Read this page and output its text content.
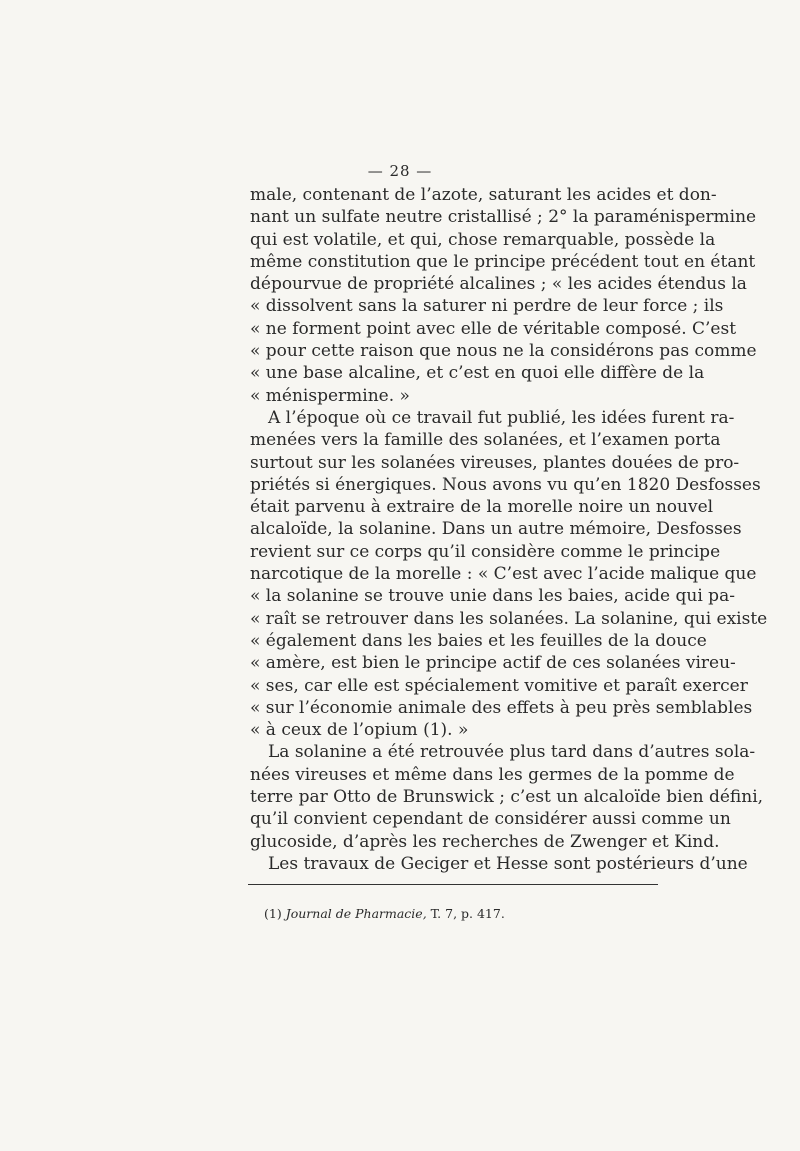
— 28 —
male, contenant de l’azote, saturant les acides et don-
nant un sulfate neutre cristallisé ; 2° la paraménispermine
qui est volatile, et qui, chose remarquable, possède la
même constitution que le principe précédent tout en étant
dépourvue de propriété alcalines ; « les acides étendus la
« dissolvent sans la saturer ni perdre de leur force ; ils
« ne forment point avec elle de véritable composé. C’est
« pour cette raison que nous ne la considérons pas comme
« une base alcaline, et c’est en quoi elle diffère de la
« ménispermine. »
A l’époque où ce travail fut publié, les idées furent ra-
menées vers la famille des solanées, et l’examen porta
surtout sur les solanées vireuses, plantes douées de pro-
priétés si énergiques. Nous avons vu qu’en 1820 Desfosses
était parvenu à extraire de la morelle noire un nouvel
alcaloïde, la solanine. Dans un autre mémoire, Desfosses
revient sur ce corps qu’il considère comme le principe
narcotique de la morelle : « C’est avec l’acide malique que
« la solanine se trouve unie dans les baies, acide qui pa-
« raît se retrouver dans les solanées. La solanine, qui existe
« également dans les baies et les feuilles de la douce
« amère, est bien le principe actif de ces solanées vireu-
« ses, car elle est spécialement vomitive et paraît exercer
« sur l’économie animale des effets à peu près semblables
« à ceux de l’opium (1). »
La solanine a été retrouvée plus tard dans d’autres sola-
nées vireuses et même dans les germes de la pomme de
terre par Otto de Brunswick ; c’est un alcaloïde bien défini,
qu’il convient cependant de considérer aussi comme un
glucoside, d’après les recherches de Zwenger et Kind.
Les travaux de Geciger et Hesse sont postérieurs d’une
(1) Journal de Pharmacie, T. 7, p. 417.
